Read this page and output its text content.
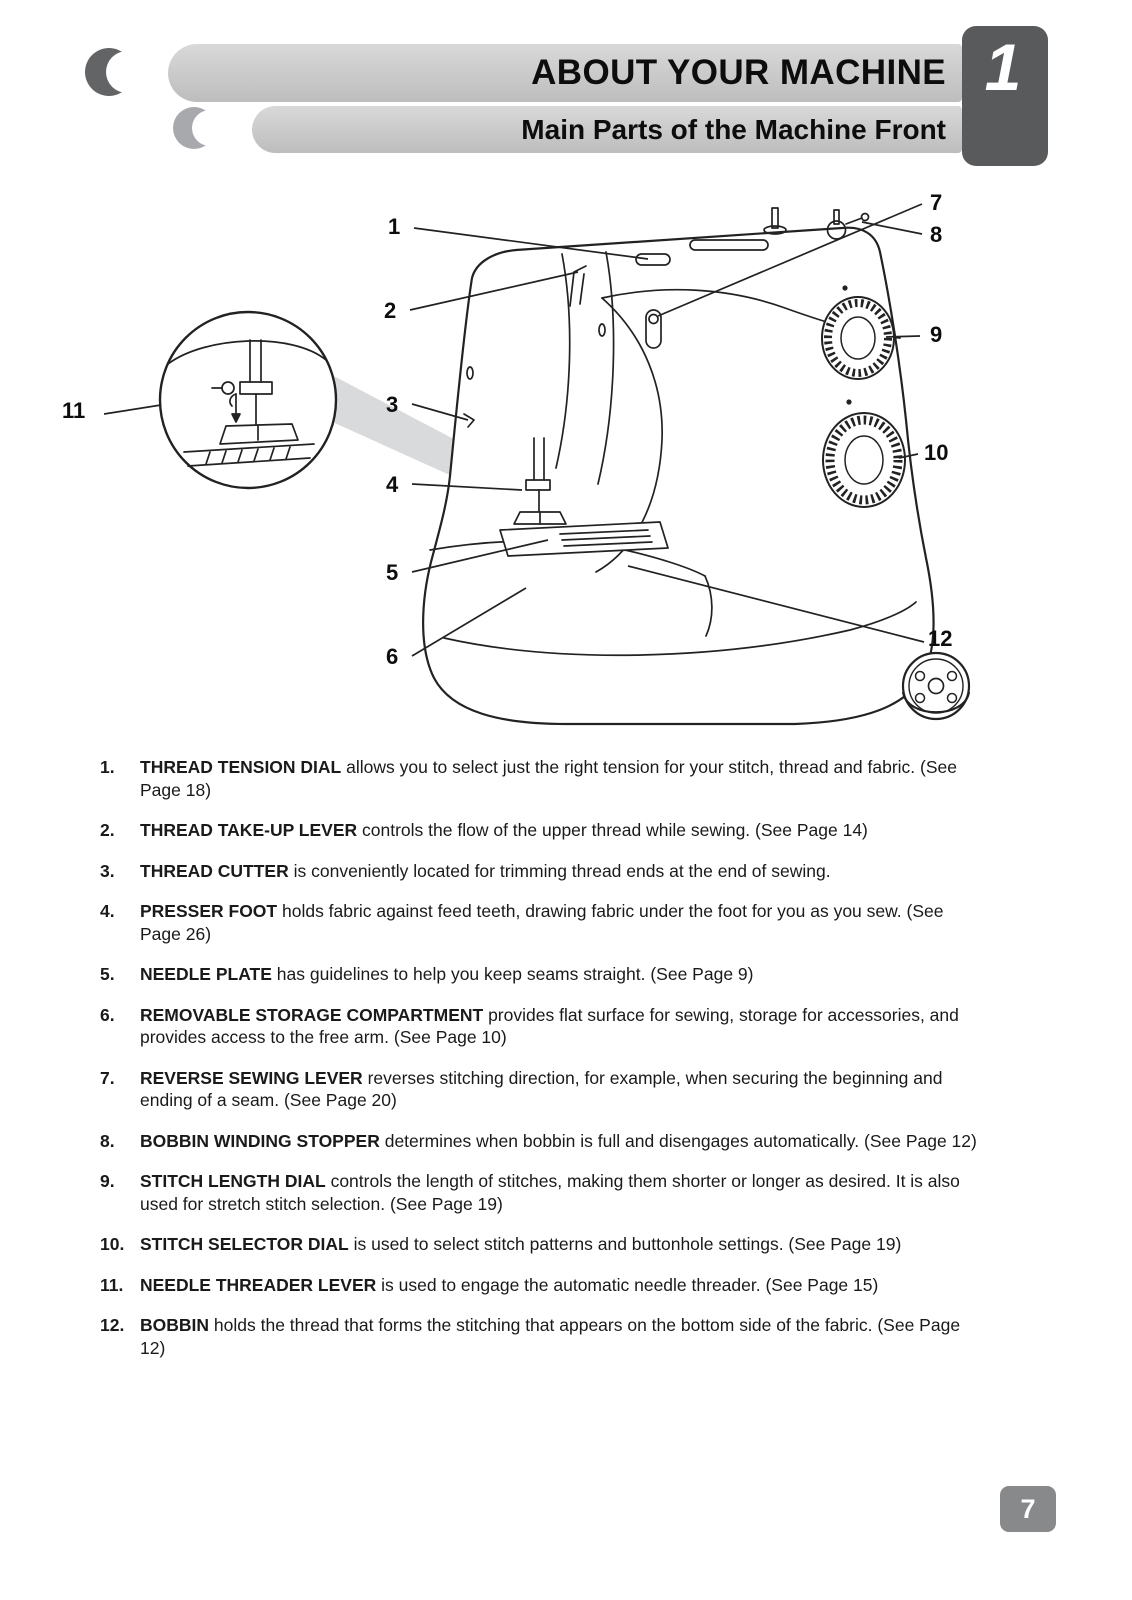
ABOUT YOUR MACHINE
Main Parts of the Machine Front
1
1
2
3
4
5
6
7
8
9
10
11
12
1.	THREAD TENSION DIAL allows you to select just the right tension for your stitch, thread and fabric. (See Page 18)

2.	THREAD TAKE-UP LEVER controls the flow of the upper thread while sewing. (See Page 14)

3.	THREAD CUTTER is conveniently located for trimming thread ends at the end of sewing.

4.	PRESSER FOOT holds fabric against feed teeth, drawing fabric under the foot for you as you sew. (See Page 26)

5.	NEEDLE PLATE has guidelines to help you keep seams straight. (See Page 9)

6.	REMOVABLE STORAGE COMPARTMENT provides flat surface for sewing, storage for accessories, and provides access to the free arm. (See Page 10)

7.	REVERSE SEWING LEVER reverses stitching direction, for example, when securing the beginning and ending of a seam. (See Page 20)

8.	BOBBIN WINDING STOPPER determines when bobbin is full and disengages automatically. (See Page 12)

9.	STITCH LENGTH DIAL controls the length of stitches, making them shorter or longer as desired. It is also used for stretch stitch selection. (See Page 19)

10. STITCH SELECTOR DIAL is used to select stitch patterns and buttonhole settings. (See Page 19)

11. NEEDLE THREADER LEVER is used to engage the automatic needle threader. (See Page 15)

12. BOBBIN holds the thread that forms the stitching that appears on the bottom side of the fabric. (See Page 12)

7
